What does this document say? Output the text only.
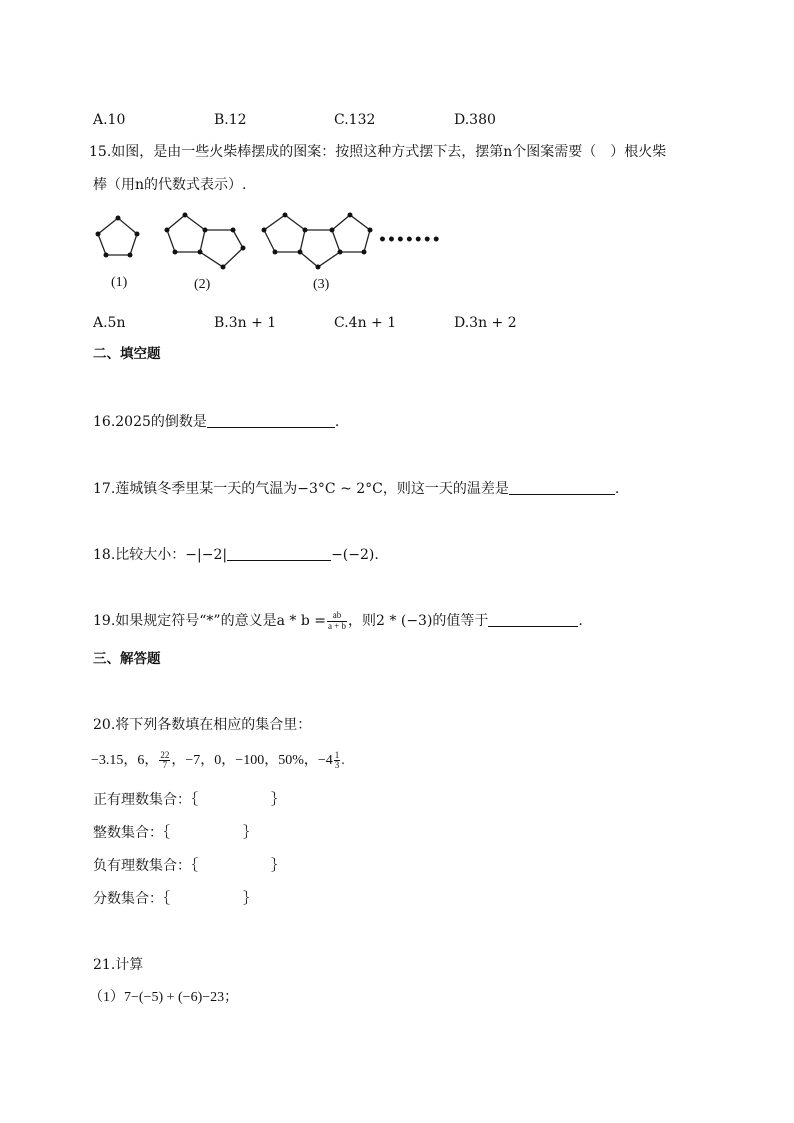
A.10	B.12	C.132	D.380
15.如图，是由一些火柴棒摆成的图案：按照这种方式摆下去，摆第n个图案需要（　）根火柴
棒（用n的代数式表示）.
•••••••
(1)	(2)	(3)
A.5n	B.3n + 1	C.4n + 1	D.3n + 2
二、填空题
16.2025的倒数是	.
17.莲城镇冬季里某一天的气温为−3°C ~ 2°C，则这一天的温差是	.
18.比较大小：−|−2|	−(−2).
19.如果规定符号“*”的意义是$a * b = \frac{ab}{a + b}$ ，则2 * (−3)的值等于	.
三、解答题
20.将下列各数填在相应的集合里：
−3.15，6， $\frac{22}{7}$ ，−7，0，−100，50%，$-4 \frac{1}{3}$ .
正有理数集合：｛	｝
整数集合：｛	｝
负有理数集合：｛	｝
分数集合：｛	｝
21.计算
（1）7−(−5) + (−6)−23；
